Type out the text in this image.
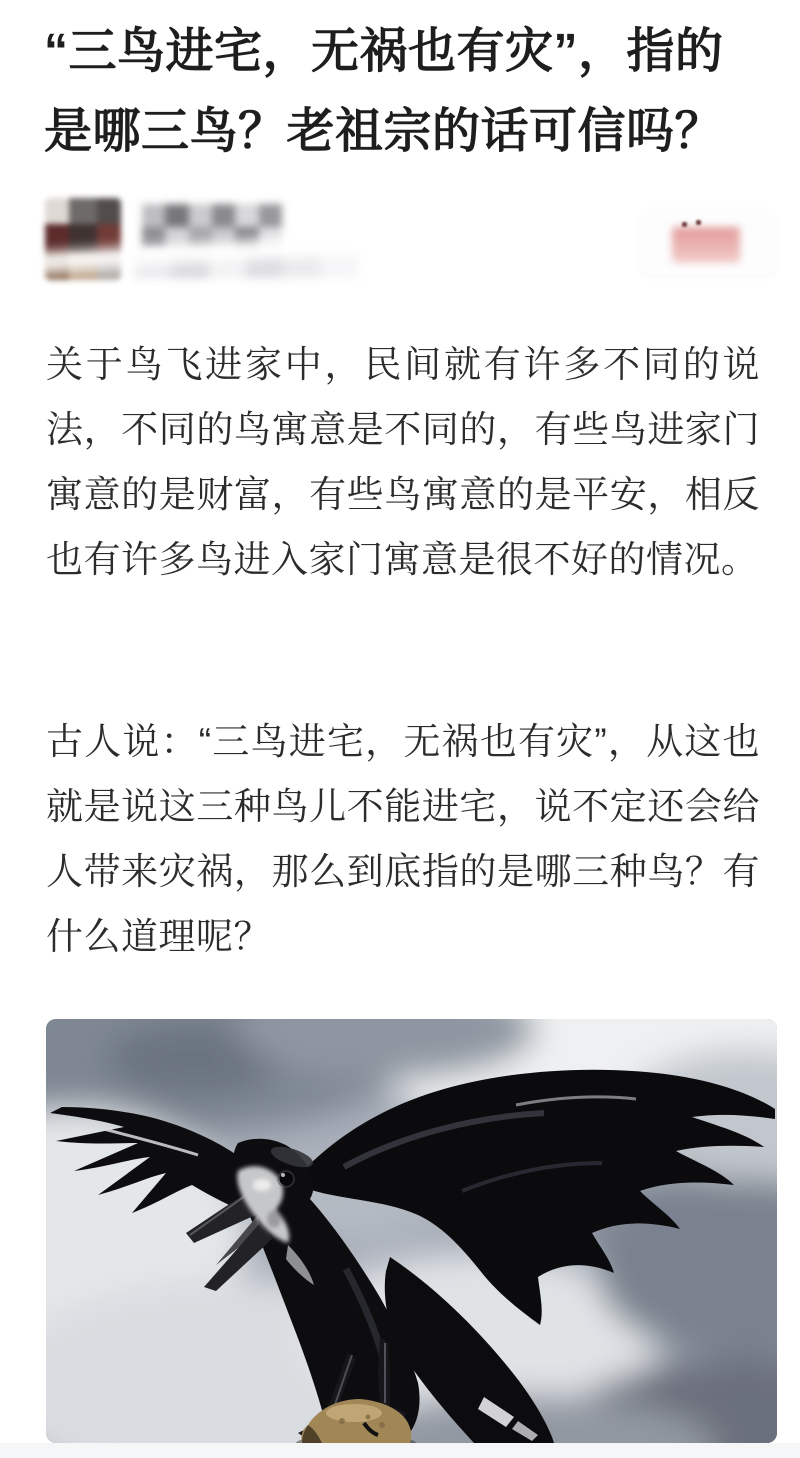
“三鸟进宅，无祸也有灾”，指的
是哪三鸟？老祖宗的话可信吗？

关于鸟飞进家中，民间就有许多不同的说法，不同的鸟寓意是不同的，有些鸟进家门寓意的是财富，有些鸟寓意的是平安，相反也有许多鸟进入家门寓意是很不好的情况。

古人说：“三鸟进宅，无祸也有灾”，从这也就是说这三种鸟儿不能进宅，说不定还会给人带来灾祸，那么到底指的是哪三种鸟？有什么道理呢？
